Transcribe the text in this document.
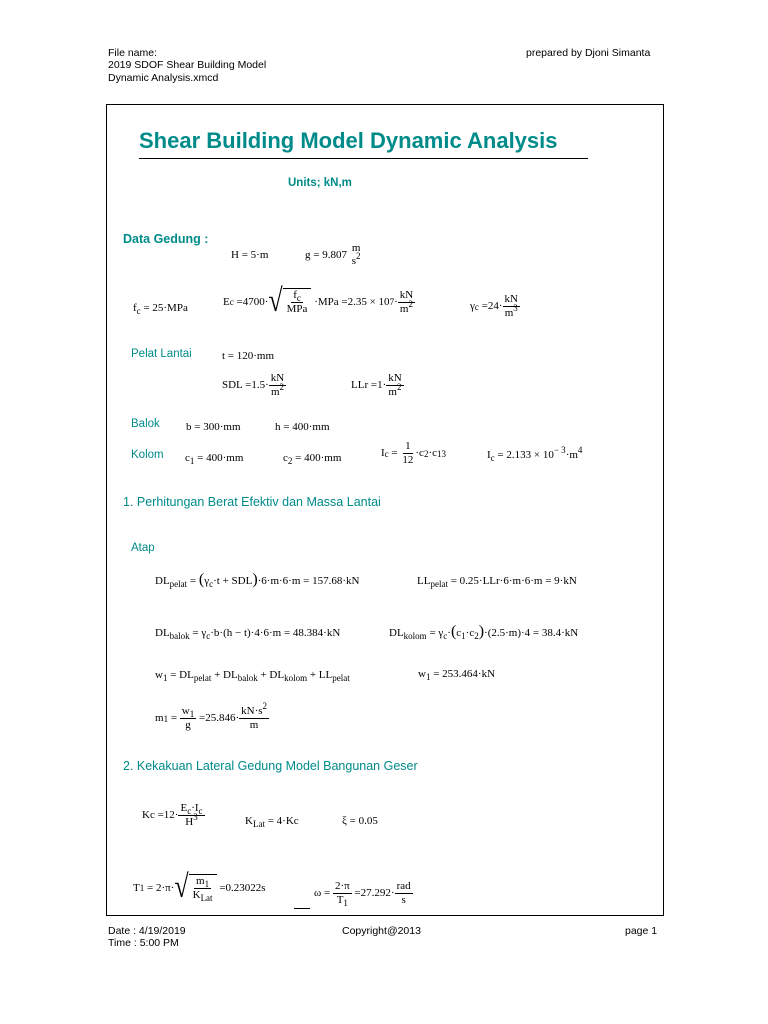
File name:
2019 SDOF Shear Building Model
Dynamic Analysis.xmcd
prepared by Djoni Simanta
Shear Building Model Dynamic Analysis
Units; kN,m
Data Gedung :
H = 5·m	g = 9.807
m
$s^2$
$f_c = 25\cdot MPa$
E c = 4700 · √ $\frac{f_c}{\text{MPa}} \cdot MPa = 2.35 \times 10$ $7 \cdot \frac{kN}{m^2}$	γ $c = 24 \cdot \frac{kN}{m^3}$
Pelat Lantai	t = 120·mm
SDL = $1.5 \cdot \frac{kN}{m^2}$	LLr = $1 \cdot \frac{kN}{m^2}$
Balok b = 300·mm	h = 400·mm
Kolom $c_1 = 400\cdot mm$	$c_2 = 400\cdot mm$	I $c = \frac{1}{12} \cdot c$ 2 ·c 1 3	$I_c = 2.133 \times 10^{- 3}\cdot m^4$
1. Perhitungan Berat Efektiv dan Massa Lantai
Atap
$DL_{pelat} = (\gamma_c\cdot t + SDL)\cdot 6\cdot m\cdot 6\cdot m = 157.68\cdot kN$	$LL_{pelat} = 0.25\cdot LLr\cdot 6\cdot m\cdot 6\cdot m = 9\cdot kN$
$DL_{balok} = \gamma_c\cdot b\cdot(h - t)\cdot 4\cdot 6\cdot m = 48.384\cdot kN$	$DL_{kolom} = \gamma_c\cdot(c_1\cdot c_2)\cdot(2.5\cdot m)\cdot 4 = 38.4\cdot kN$
$w_1 = DL_{pelat} + DL_{balok} + DL_{kolom} + LL_{pelat}$	$w_1 = 253.464\cdot kN$
m $1 = \frac{w_1}{g} = 25.846 \cdot \frac{kN\cdot s^2}{m}$
2. Kekakuan Lateral Gedung Model Bangunan Geser
$Kc = 12 \cdot \frac{E_c\cdot I_c}{H^3}$	$K_{Lat} = 4\cdot Kc$	ξ = 0.05
T 1 = 2·π· √ $\frac{m_1}{K_{Lat}} = 0.23022$ s	$\omega = \frac{2\cdot\pi}{T_1} = 27.292 \cdot \frac{\text{rad}}{s}$
Date : 4/19/2019
Time : 5:00 PM
Copyright@2013	page 1
